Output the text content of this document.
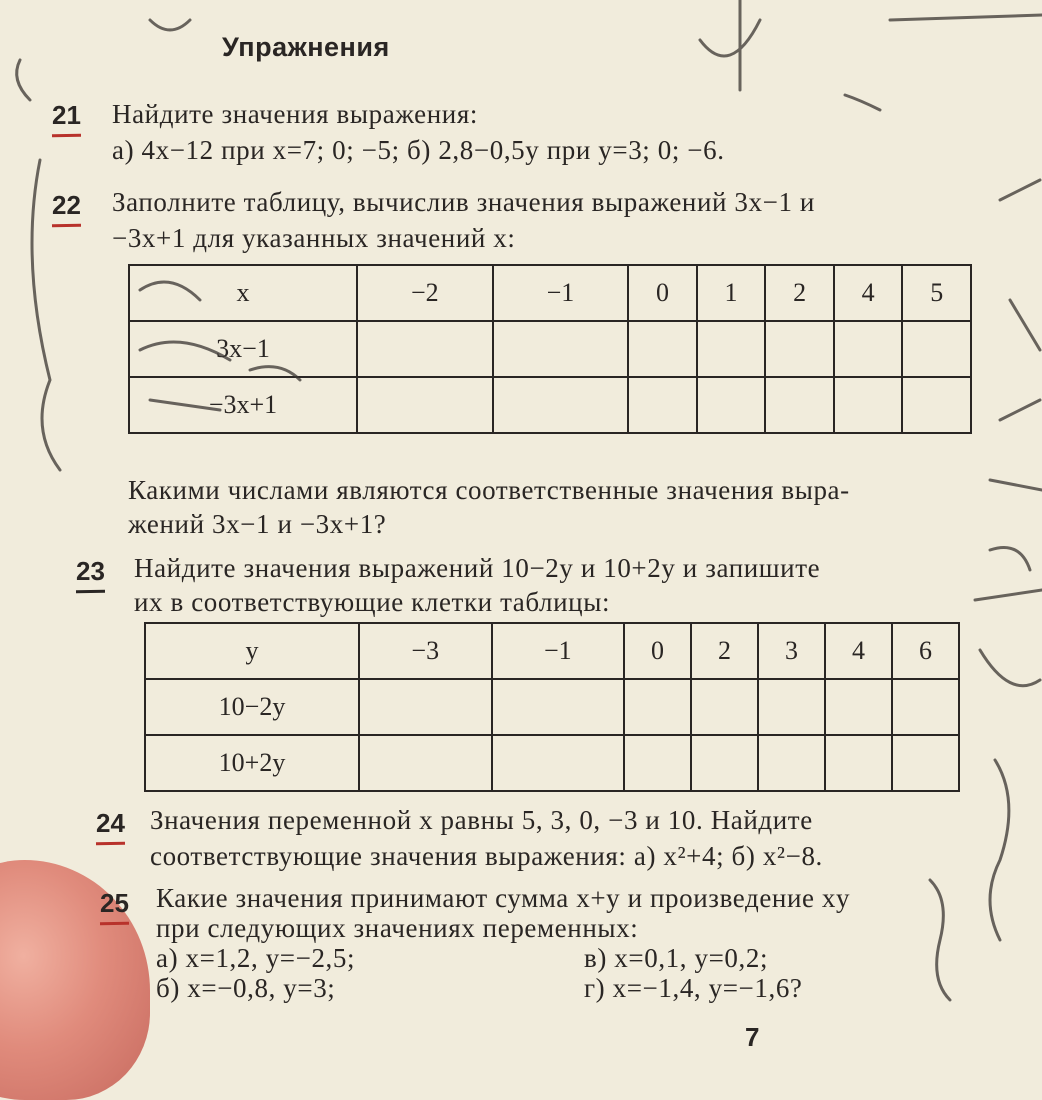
Упражнения
21 Найдите значения выражения:
а) 4x−12 при x=7; 0; −5; б) 2,8−0,5y при y=3; 0; −6.
22 Заполните таблицу, вычислив значения выражений 3x−1 и
−3x+1 для указанных значений x:
x	−2	−1	0	1	2	4	5
3x−1							
−3x+1							
Какими числами являются соответственные значения выра-
жений 3x−1 и −3x+1?
23 Найдите значения выражений 10−2y и 10+2y и запишите
их в соответствующие клетки таблицы:
y	−3	−1	0	2	3	4	6
10−2y							
10+2y							
24 Значения переменной x равны 5, 3, 0, −3 и 10. Найдите
соответствующие значения выражения: а) x²+4; б) x²−8.
25 Какие значения принимают сумма x+y и произведение xy
при следующих значениях переменных:
а) x=1,2, y=−2,5;
б) x=−0,8, y=3;
в) x=0,1, y=0,2;
г) x=−1,4, y=−1,6?
7
